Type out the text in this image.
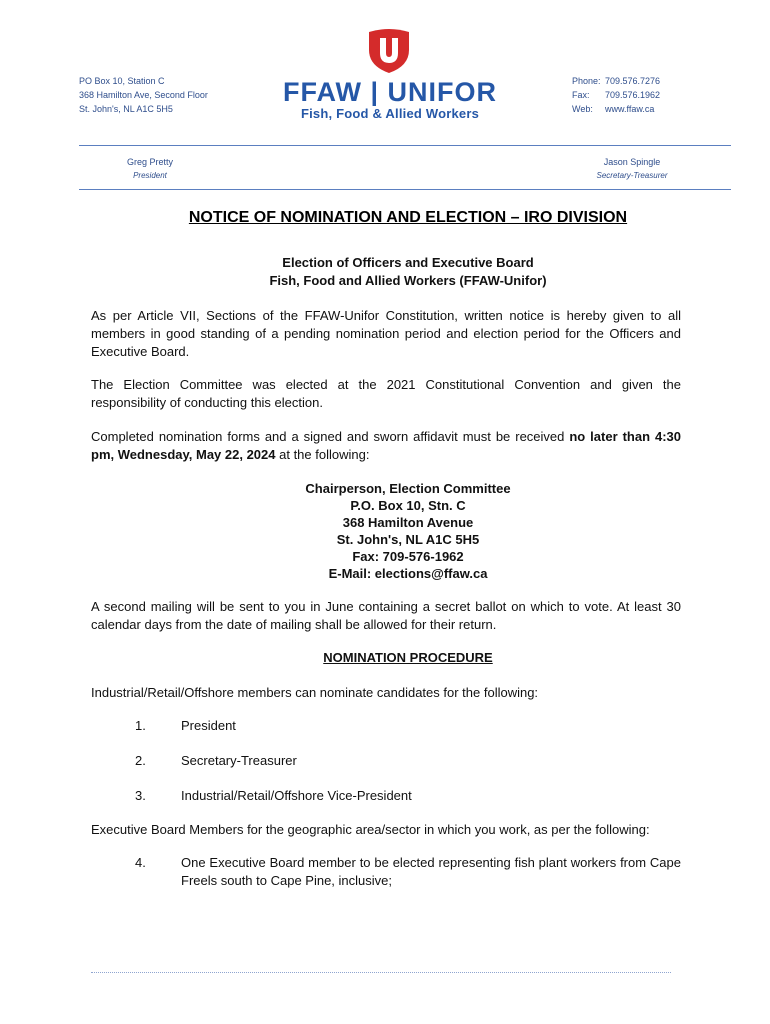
PO Box 10, Station C
368 Hamilton Ave, Second Floor
St. John's, NL A1C 5H5
FFAW | UNIFOR
Fish, Food & Allied Workers
Phone: 709.576.7276
Fax:	709.576.1962
Web:	www.ffaw.ca
Greg Pretty
President
Jason Spingle
Secretary-Treasurer
NOTICE OF NOMINATION AND ELECTION – IRO DIVISION
Election of Officers and Executive Board
Fish, Food and Allied Workers (FFAW-Unifor)
As per Article VII, Sections of the FFAW-Unifor Constitution, written notice is hereby given to all members in good standing of a pending nomination period and election period for the Officers and Executive Board.
The Election Committee was elected at the 2021 Constitutional Convention and given the responsibility of conducting this election.
Completed nomination forms and a signed and sworn affidavit must be received no later than 4:30 pm, Wednesday, May 22, 2024 at the following:
Chairperson, Election Committee
P.O. Box 10, Stn. C
368 Hamilton Avenue
St. John's, NL A1C 5H5
Fax: 709-576-1962
E-Mail: elections@ffaw.ca
A second mailing will be sent to you in June containing a secret ballot on which to vote. At least 30 calendar days from the date of mailing shall be allowed for their return.
NOMINATION PROCEDURE
Industrial/Retail/Offshore members can nominate candidates for the following:
1.	President
2.	Secretary-Treasurer
3.	Industrial/Retail/Offshore Vice-President
Executive Board Members for the geographic area/sector in which you work, as per the following:
4.	One Executive Board member to be elected representing fish plant workers from Cape Freels south to Cape Pine, inclusive;
